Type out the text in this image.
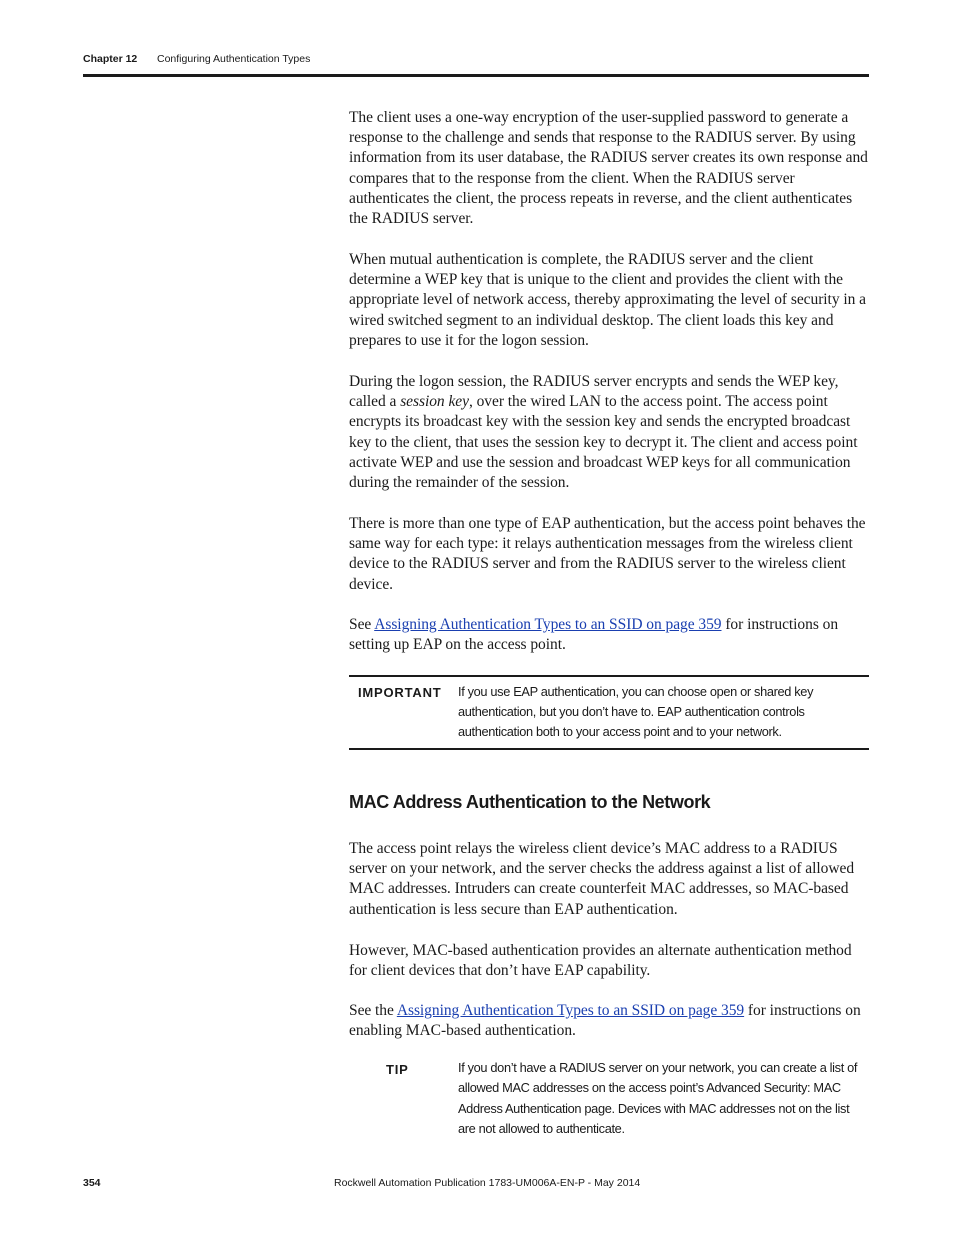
Chapter 12 Configuring Authentication Types

The client uses a one-way encryption of the user-supplied password to generate a response to the challenge and sends that response to the RADIUS server. By using information from its user database, the RADIUS server creates its own response and compares that to the response from the client. When the RADIUS server authenticates the client, the process repeats in reverse, and the client authenticates the RADIUS server.

When mutual authentication is complete, the RADIUS server and the client determine a WEP key that is unique to the client and provides the client with the appropriate level of network access, thereby approximating the level of security in a wired switched segment to an individual desktop. The client loads this key and prepares to use it for the logon session.

During the logon session, the RADIUS server encrypts and sends the WEP key, called a session key, over the wired LAN to the access point. The access point encrypts its broadcast key with the session key and sends the encrypted broadcast key to the client, that uses the session key to decrypt it. The client and access point activate WEP and use the session and broadcast WEP keys for all communication during the remainder of the session.

There is more than one type of EAP authentication, but the access point behaves the same way for each type: it relays authentication messages from the wireless client device to the RADIUS server and from the RADIUS server to the wireless client device.

See Assigning Authentication Types to an SSID on page 359 for instructions on setting up EAP on the access point.

IMPORTANT If you use EAP authentication, you can choose open or shared key authentication, but you don’t have to. EAP authentication controls authentication both to your access point and to your network.
MAC Address Authentication to the Network

The access point relays the wireless client device’s MAC address to a RADIUS server on your network, and the server checks the address against a list of allowed MAC addresses. Intruders can create counterfeit MAC addresses, so MAC-based authentication is less secure than EAP authentication.

However, MAC-based authentication provides an alternate authentication method for client devices that don’t have EAP capability.

See the Assigning Authentication Types to an SSID on page 359 for instructions on enabling MAC-based authentication.

TIP	If you don’t have a RADIUS server on your network, you can create a list of allowed MAC addresses on the access point’s Advanced Security: MAC Address Authentication page. Devices with MAC addresses not on the list are not allowed to authenticate.
354	Rockwell Automation Publication 1783-UM006A-EN-P - May 2014
